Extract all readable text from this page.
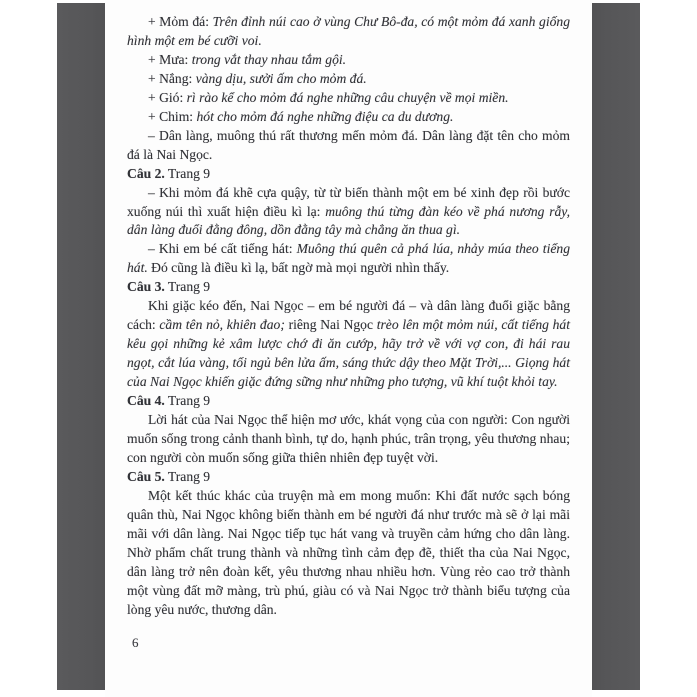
+ Mỏm đá: Trên đỉnh núi cao ở vùng Chư Bô-đa, có một mỏm đá xanh giống hình một em bé cưỡi voi.

+ Mưa: trong vắt thay nhau tắm gội.

+ Nắng: vàng dịu, sưởi ấm cho mỏm đá.

+ Gió: rì rào kể cho mỏm đá nghe những câu chuyện về mọi miền.

+ Chim: hót cho mỏm đá nghe những điệu ca du dương.

– Dân làng, muông thú rất thương mến mỏm đá. Dân làng đặt tên cho mỏm đá là Nai Ngọc.

Câu 2. Trang 9

– Khi mỏm đá khẽ cựa quậy, từ từ biến thành một em bé xinh đẹp rồi bước xuống núi thì xuất hiện điều kì lạ: muông thú từng đàn kéo về phá nương rẫy, dân làng đuổi đằng đông, dồn đằng tây mà chẳng ăn thua gì.

– Khi em bé cất tiếng hát: Muông thú quên cả phá lúa, nhảy múa theo tiếng hát. Đó cũng là điều kì lạ, bất ngờ mà mọi người nhìn thấy.

Câu 3. Trang 9

Khi giặc kéo đến, Nai Ngọc – em bé người đá – và dân làng đuổi giặc bằng cách: cầm tên nỏ, khiên đao; riêng Nai Ngọc trèo lên một mỏm núi, cất tiếng hát kêu gọi những kẻ xâm lược chớ đi ăn cướp, hãy trở về với vợ con, đi hái rau ngọt, cắt lúa vàng, tối ngủ bên lửa ấm, sáng thức dậy theo Mặt Trời,... Giọng hát của Nai Ngọc khiến giặc đứng sững như những pho tượng, vũ khí tuột khỏi tay.

Câu 4. Trang 9

Lời hát của Nai Ngọc thể hiện mơ ước, khát vọng của con người: Con người muốn sống trong cảnh thanh bình, tự do, hạnh phúc, trân trọng, yêu thương nhau; con người còn muốn sống giữa thiên nhiên đẹp tuyệt vời.

Câu 5. Trang 9

Một kết thúc khác của truyện mà em mong muốn: Khi đất nước sạch bóng quân thù, Nai Ngọc không biến thành em bé người đá như trước mà sẽ ở lại mãi mãi với dân làng. Nai Ngọc tiếp tục hát vang và truyền cảm hứng cho dân làng. Nhờ phẩm chất trung thành và những tình cảm đẹp đẽ, thiết tha của Nai Ngọc, dân làng trở nên đoàn kết, yêu thương nhau nhiều hơn. Vùng rẻo cao trở thành một vùng đất mỡ màng, trù phú, giàu có và Nai Ngọc trở thành biểu tượng của lòng yêu nước, thương dân.

6
